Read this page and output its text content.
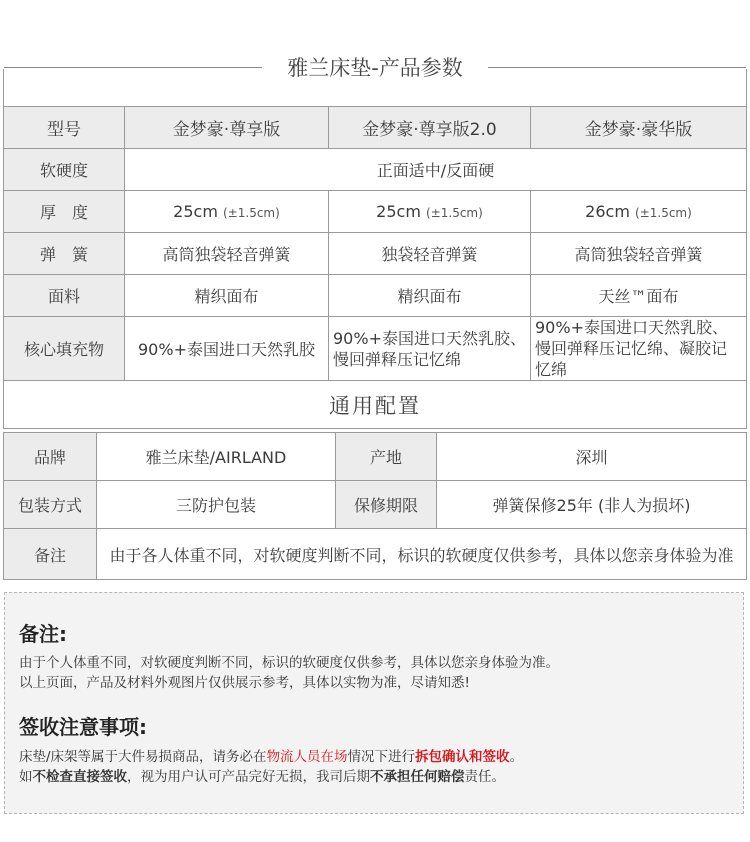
雅兰床垫-产品参数

型号	金梦豪·尊享版	金梦豪·尊享版2.0	金梦豪·豪华版
软硬度	正面适中/反面硬		
厚　度	25cm (±1.5cm)	25cm (±1.5cm)	26cm (±1.5cm)
弹　簧	高筒独袋轻音弹簧	独袋轻音弹簧	高筒独袋轻音弹簧
面料	精织面布	精织面布	天丝™面布
核心填充物	90%+泰国进口天然乳胶	90%+泰国进口天然乳胶、慢回弹释压记忆绵	90%+泰国进口天然乳胶、慢回弹释压记忆绵、凝胶记忆绵
通用配置			
品牌	雅兰床垫/AIRLAND	产地	深圳
包装方式	三防护包装	保修期限	弹簧保修25年 (非人为损坏)
备注	由于各人体重不同，对软硬度判断不同，标识的软硬度仅供参考，具体以您亲身体验为准		
备注:
由于个人体重不同，对软硬度判断不同，标识的软硬度仅供参考，具体以您亲身体验为准。
以上页面，产品及材料外观图片仅供展示参考，具体以实物为准，尽请知悉!
签收注意事项:
床垫/床架等属于大件易损商品，请务必在物流人员在场情况下进行拆包确认和签收。
如不检查直接签收，视为用户认可产品完好无损，我司后期不承担任何赔偿责任。
